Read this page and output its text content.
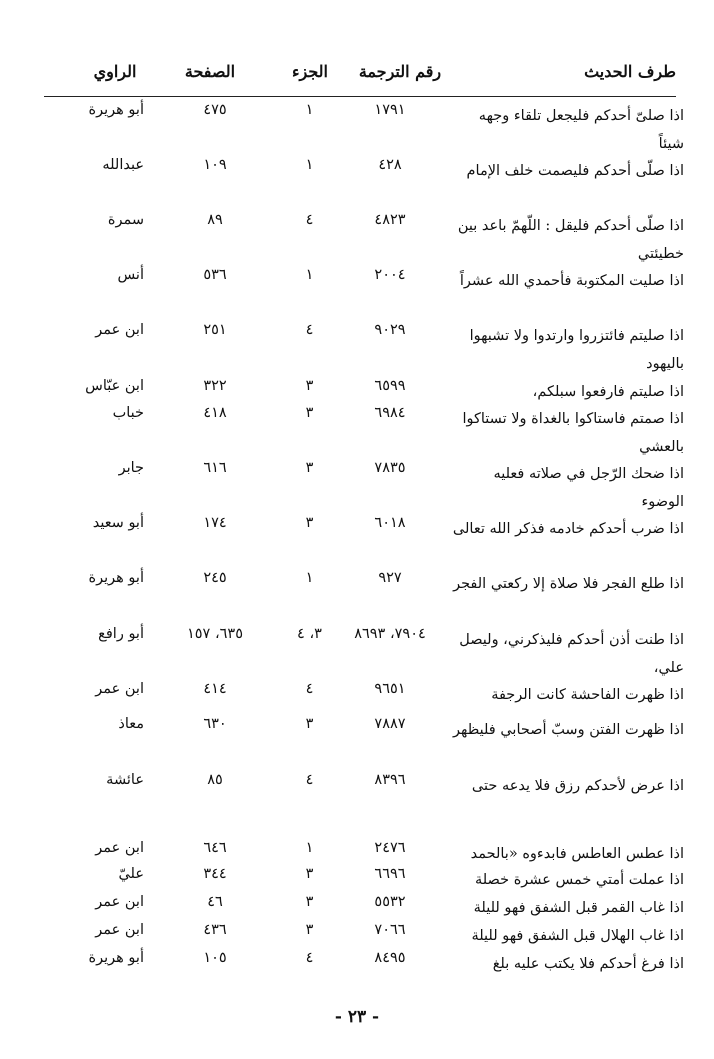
طرف الحديث
رقم الترجمة
الجزء
الصفحة
الراوي
اذا صلىّ أحدكم فليجعل تلقاء وجهه شيئاً
١٧٩١
١
٤٧٥
أبو هريرة
اذا صلّى أحدكم فليصمت خلف الإمام
٤٢٨
١
١٠٩
عبدالله
اذا صلّى أحدكم فليقل : اللّهمّ باعد بين خطيئتي
٤٨٢٣
٤
٨٩
سمرة
اذا صليت المكتوبة فأحمدي الله عشراً
٢٠٠٤
١
٥٣٦
أنس
اذا صليتم فائتزروا وارتدوا ولا تشبهوا باليهود
٩٠٢٩
٤
٢٥١
ابن عمر
اذا صليتم فارفعوا سبلكم،
٦٥٩٩
٣
٣٢٢
ابن عبّاس
اذا صمتم فاستاكوا بالغداة ولا تستاكوا بالعشي
٦٩٨٤
٣
٤١٨
خباب
اذا ضحك الرّجل في صلاته فعليه الوضوء
٧٨٣٥
٣
٦١٦
جابر
اذا ضرب أحدكم خادمه فذكر الله تعالى
٦٠١٨
٣
١٧٤
أبو سعيد
اذا طلع الفجر فلا صلاة إلا ركعتي الفجر
٩٢٧
١
٢٤٥
أبو هريرة
اذا طنت أذن أحدكم فليذكرني، وليصل علي،
٧٩٠٤، ٨٦٩٣
٣، ٤
٦٣٥، ١٥٧
أبو رافع
اذا ظهرت الفاحشة كانت الرجفة
٩٦٥١
٤
٤١٤
ابن عمر
اذا ظهرت الفتن وسبّ أصحابي فليظهر
٧٨٨٧
٣
٦٣٠
معاذ
اذا عرض لأحدكم رزق فلا يدعه حتى
٨٣٩٦
٤
٨٥
عائشة
اذا عطس العاطس فابدءوه «بالحمد
٢٤٧٦
١
٦٤٦
ابن عمر
اذا عملت أمتي خمس عشرة خصلة
٦٦٩٦
٣
٣٤٤
عليّ
اذا غاب القمر قبل الشفق فهو لليلة
٥٥٣٢
٣
٤٦
ابن عمر
اذا غاب الهلال قبل الشفق فهو لليلة
٧٠٦٦
٣
٤٣٦
ابن عمر
اذا فرغ أحدكم فلا يكتب عليه بلغ
٨٤٩٥
٤
١٠٥
أبو هريرة
- ٢٣ -
